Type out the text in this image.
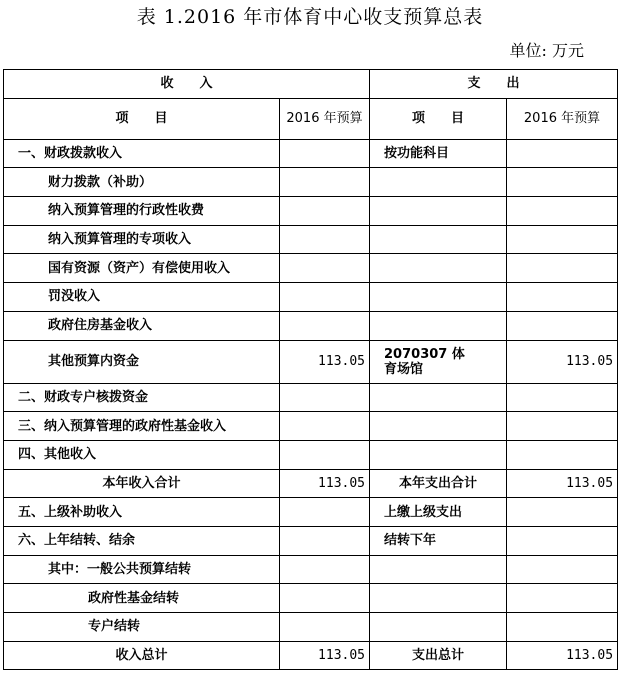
表 1.2016 年市体育中心收支预算总表
单位: 万元
收　　入		支　　出	
项　　目	2016 年预算	项　　目	2016 年预算
一、财政拨款收入		按功能科目	
财力拨款（补助）			
纳入预算管理的行政性收费			
纳入预算管理的专项收入			
国有资源（资产）有偿使用收入			
罚没收入			
政府住房基金收入			
其他预算内资金	113.05	2070307 体育场馆	113.05
二、财政专户核拨资金			
三、纳入预算管理的政府性基金收入			
四、其他收入			
本年收入合计	113.05	本年支出合计	113.05
五、上级补助收入		上缴上级支出	
六、上年结转、结余		结转下年	
其中：一般公共预算结转			
政府性基金结转			
专户结转			
收入总计	113.05	支出总计	113.05
